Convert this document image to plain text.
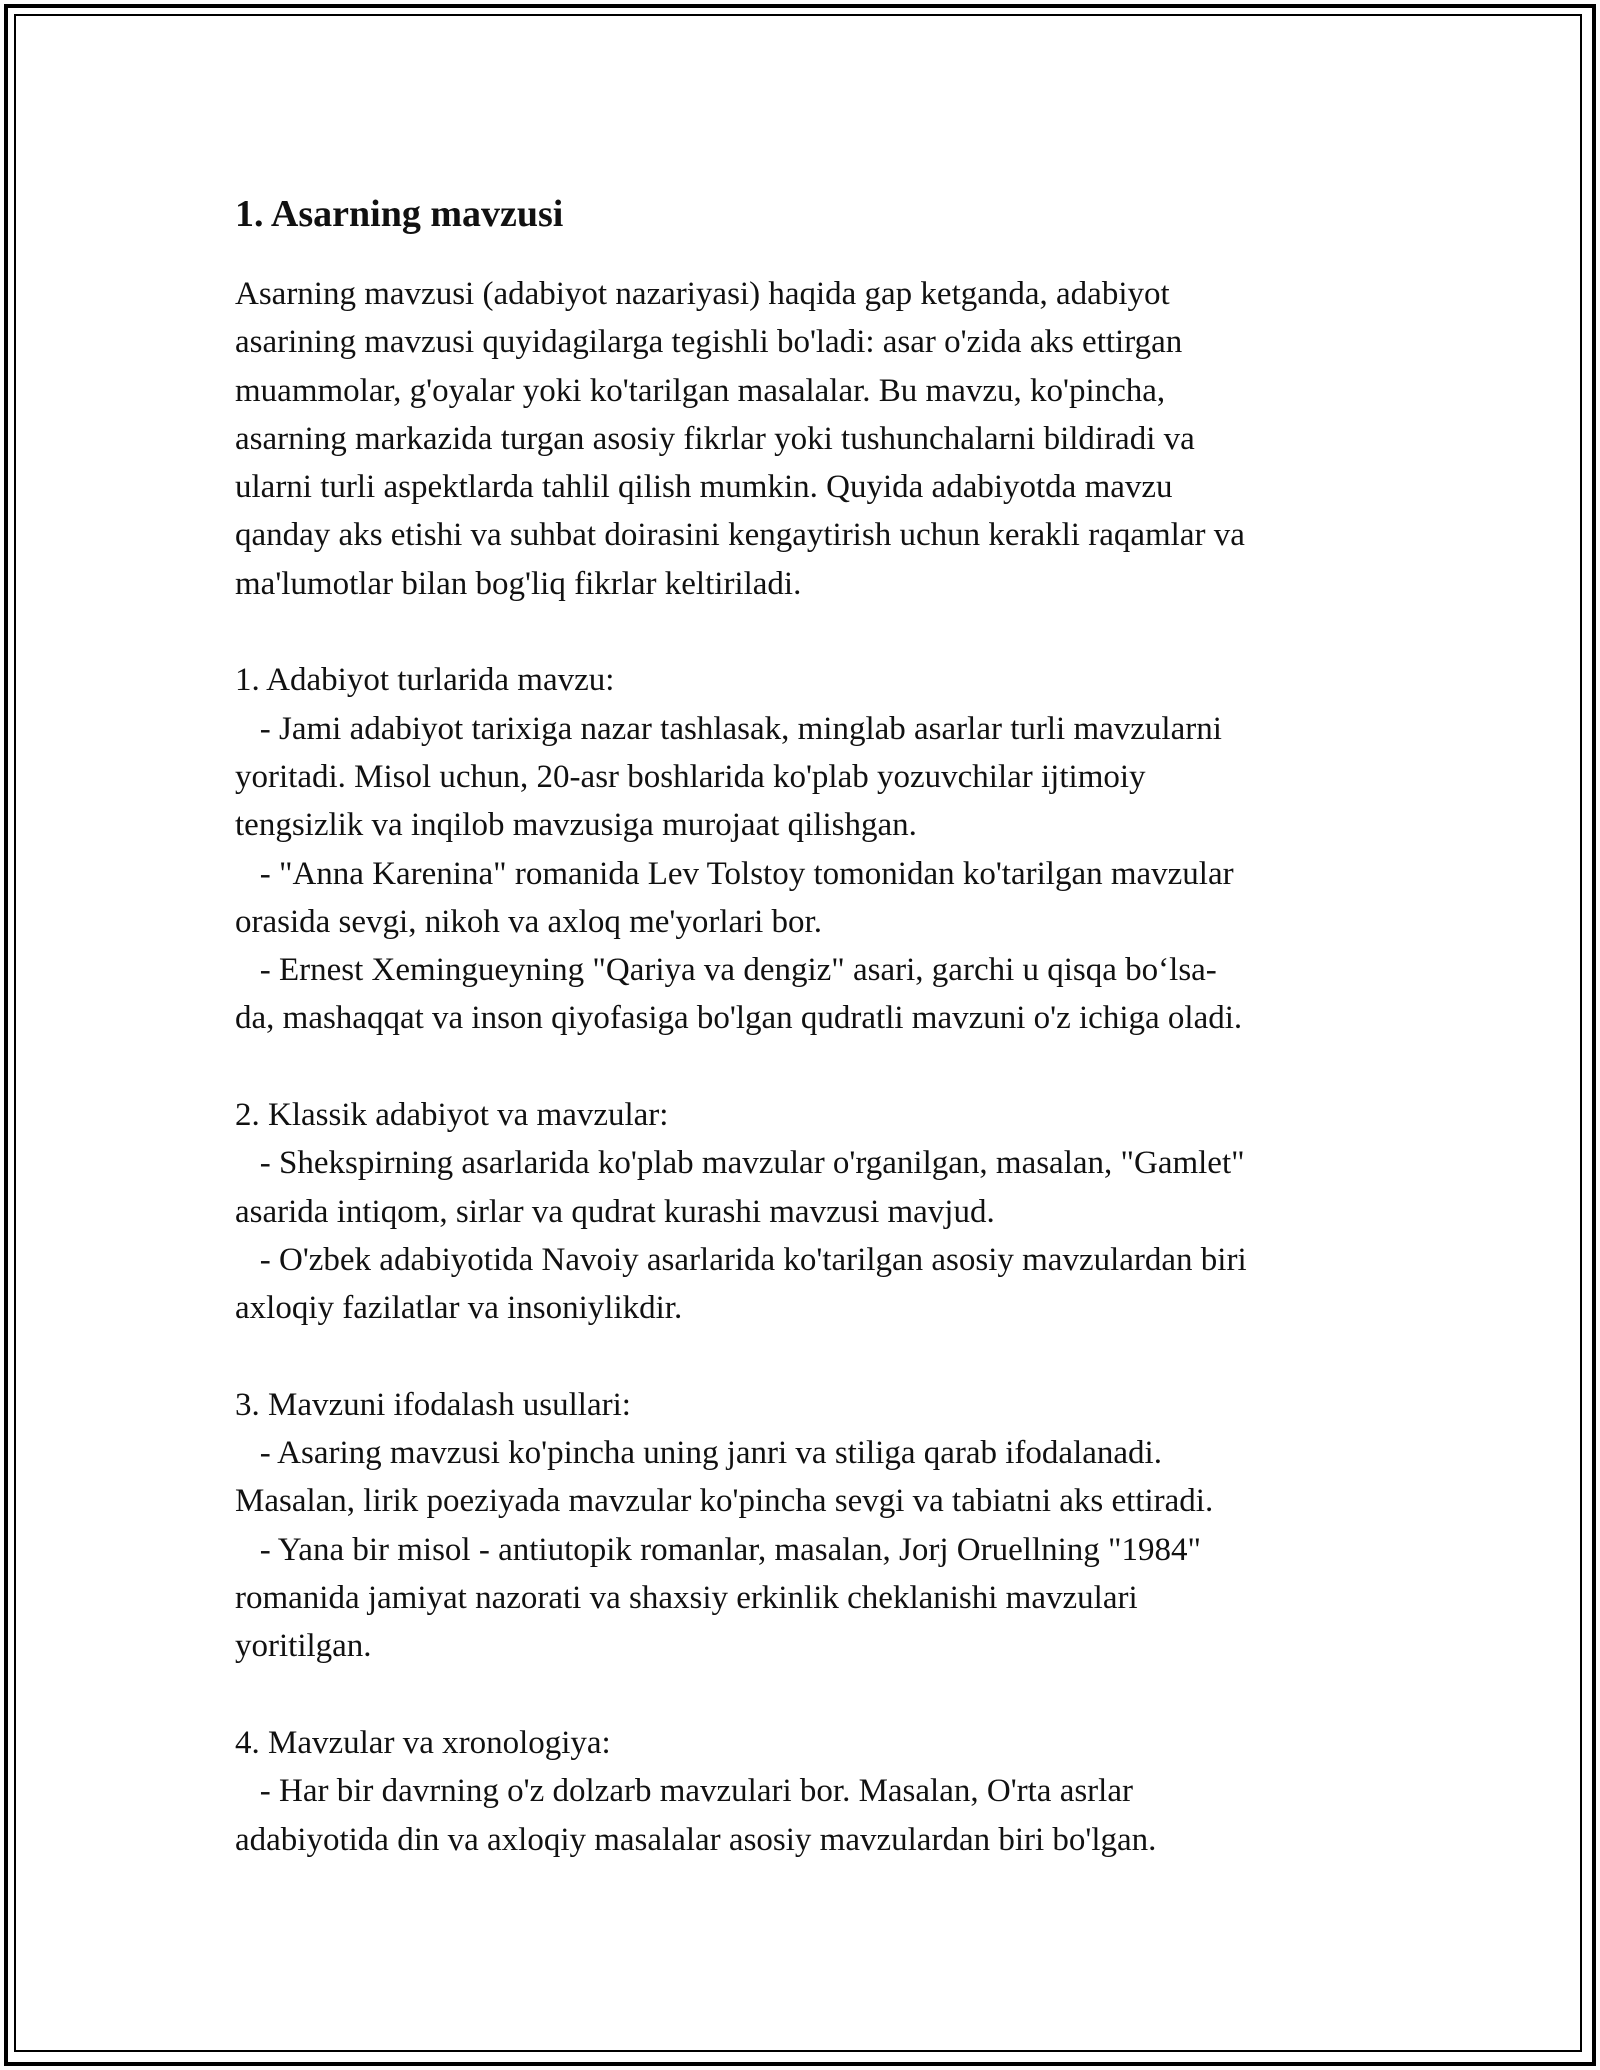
1. Asarning mavzusi
Asarning mavzusi (adabiyot nazariyasi) haqida gap ketganda, adabiyot
asarining mavzusi quyidagilarga tegishli bo'ladi: asar o'zida aks ettirgan
muammolar, g'oyalar yoki ko'tarilgan masalalar. Bu mavzu, ko'pincha,
asarning markazida turgan asosiy fikrlar yoki tushunchalarni bildiradi va
ularni turli aspektlarda tahlil qilish mumkin. Quyida adabiyotda mavzu
qanday aks etishi va suhbat doirasini kengaytirish uchun kerakli raqamlar va
ma'lumotlar bilan bog'liq fikrlar keltiriladi.
1. Adabiyot turlarida mavzu:
- Jami adabiyot tarixiga nazar tashlasak, minglab asarlar turli mavzularni
yoritadi. Misol uchun, 20-asr boshlarida ko'plab yozuvchilar ijtimoiy
tengsizlik va inqilob mavzusiga murojaat qilishgan.
- "Anna Karenina" romanida Lev Tolstoy tomonidan ko'tarilgan mavzular
orasida sevgi, nikoh va axloq me'yorlari bor.
- Ernest Xemingueyning "Qariya va dengiz" asari, garchi u qisqa bo‘lsa-
da, mashaqqat va inson qiyofasiga bo'lgan qudratli mavzuni o'z ichiga oladi.
2. Klassik adabiyot va mavzular:
- Shekspirning asarlarida ko'plab mavzular o'rganilgan, masalan, "Gamlet"
asarida intiqom, sirlar va qudrat kurashi mavzusi mavjud.
- O'zbek adabiyotida Navoiy asarlarida ko'tarilgan asosiy mavzulardan biri
axloqiy fazilatlar va insoniylikdir.
3. Mavzuni ifodalash usullari:
- Asaring mavzusi ko'pincha uning janri va stiliga qarab ifodalanadi.
Masalan, lirik poeziyada mavzular ko'pincha sevgi va tabiatni aks ettiradi.
- Yana bir misol - antiutopik romanlar, masalan, Jorj Oruellning "1984"
romanida jamiyat nazorati va shaxsiy erkinlik cheklanishi mavzulari
yoritilgan.
4. Mavzular va xronologiya:
- Har bir davrning o'z dolzarb mavzulari bor. Masalan, O'rta asrlar
adabiyotida din va axloqiy masalalar asosiy mavzulardan biri bo'lgan.
